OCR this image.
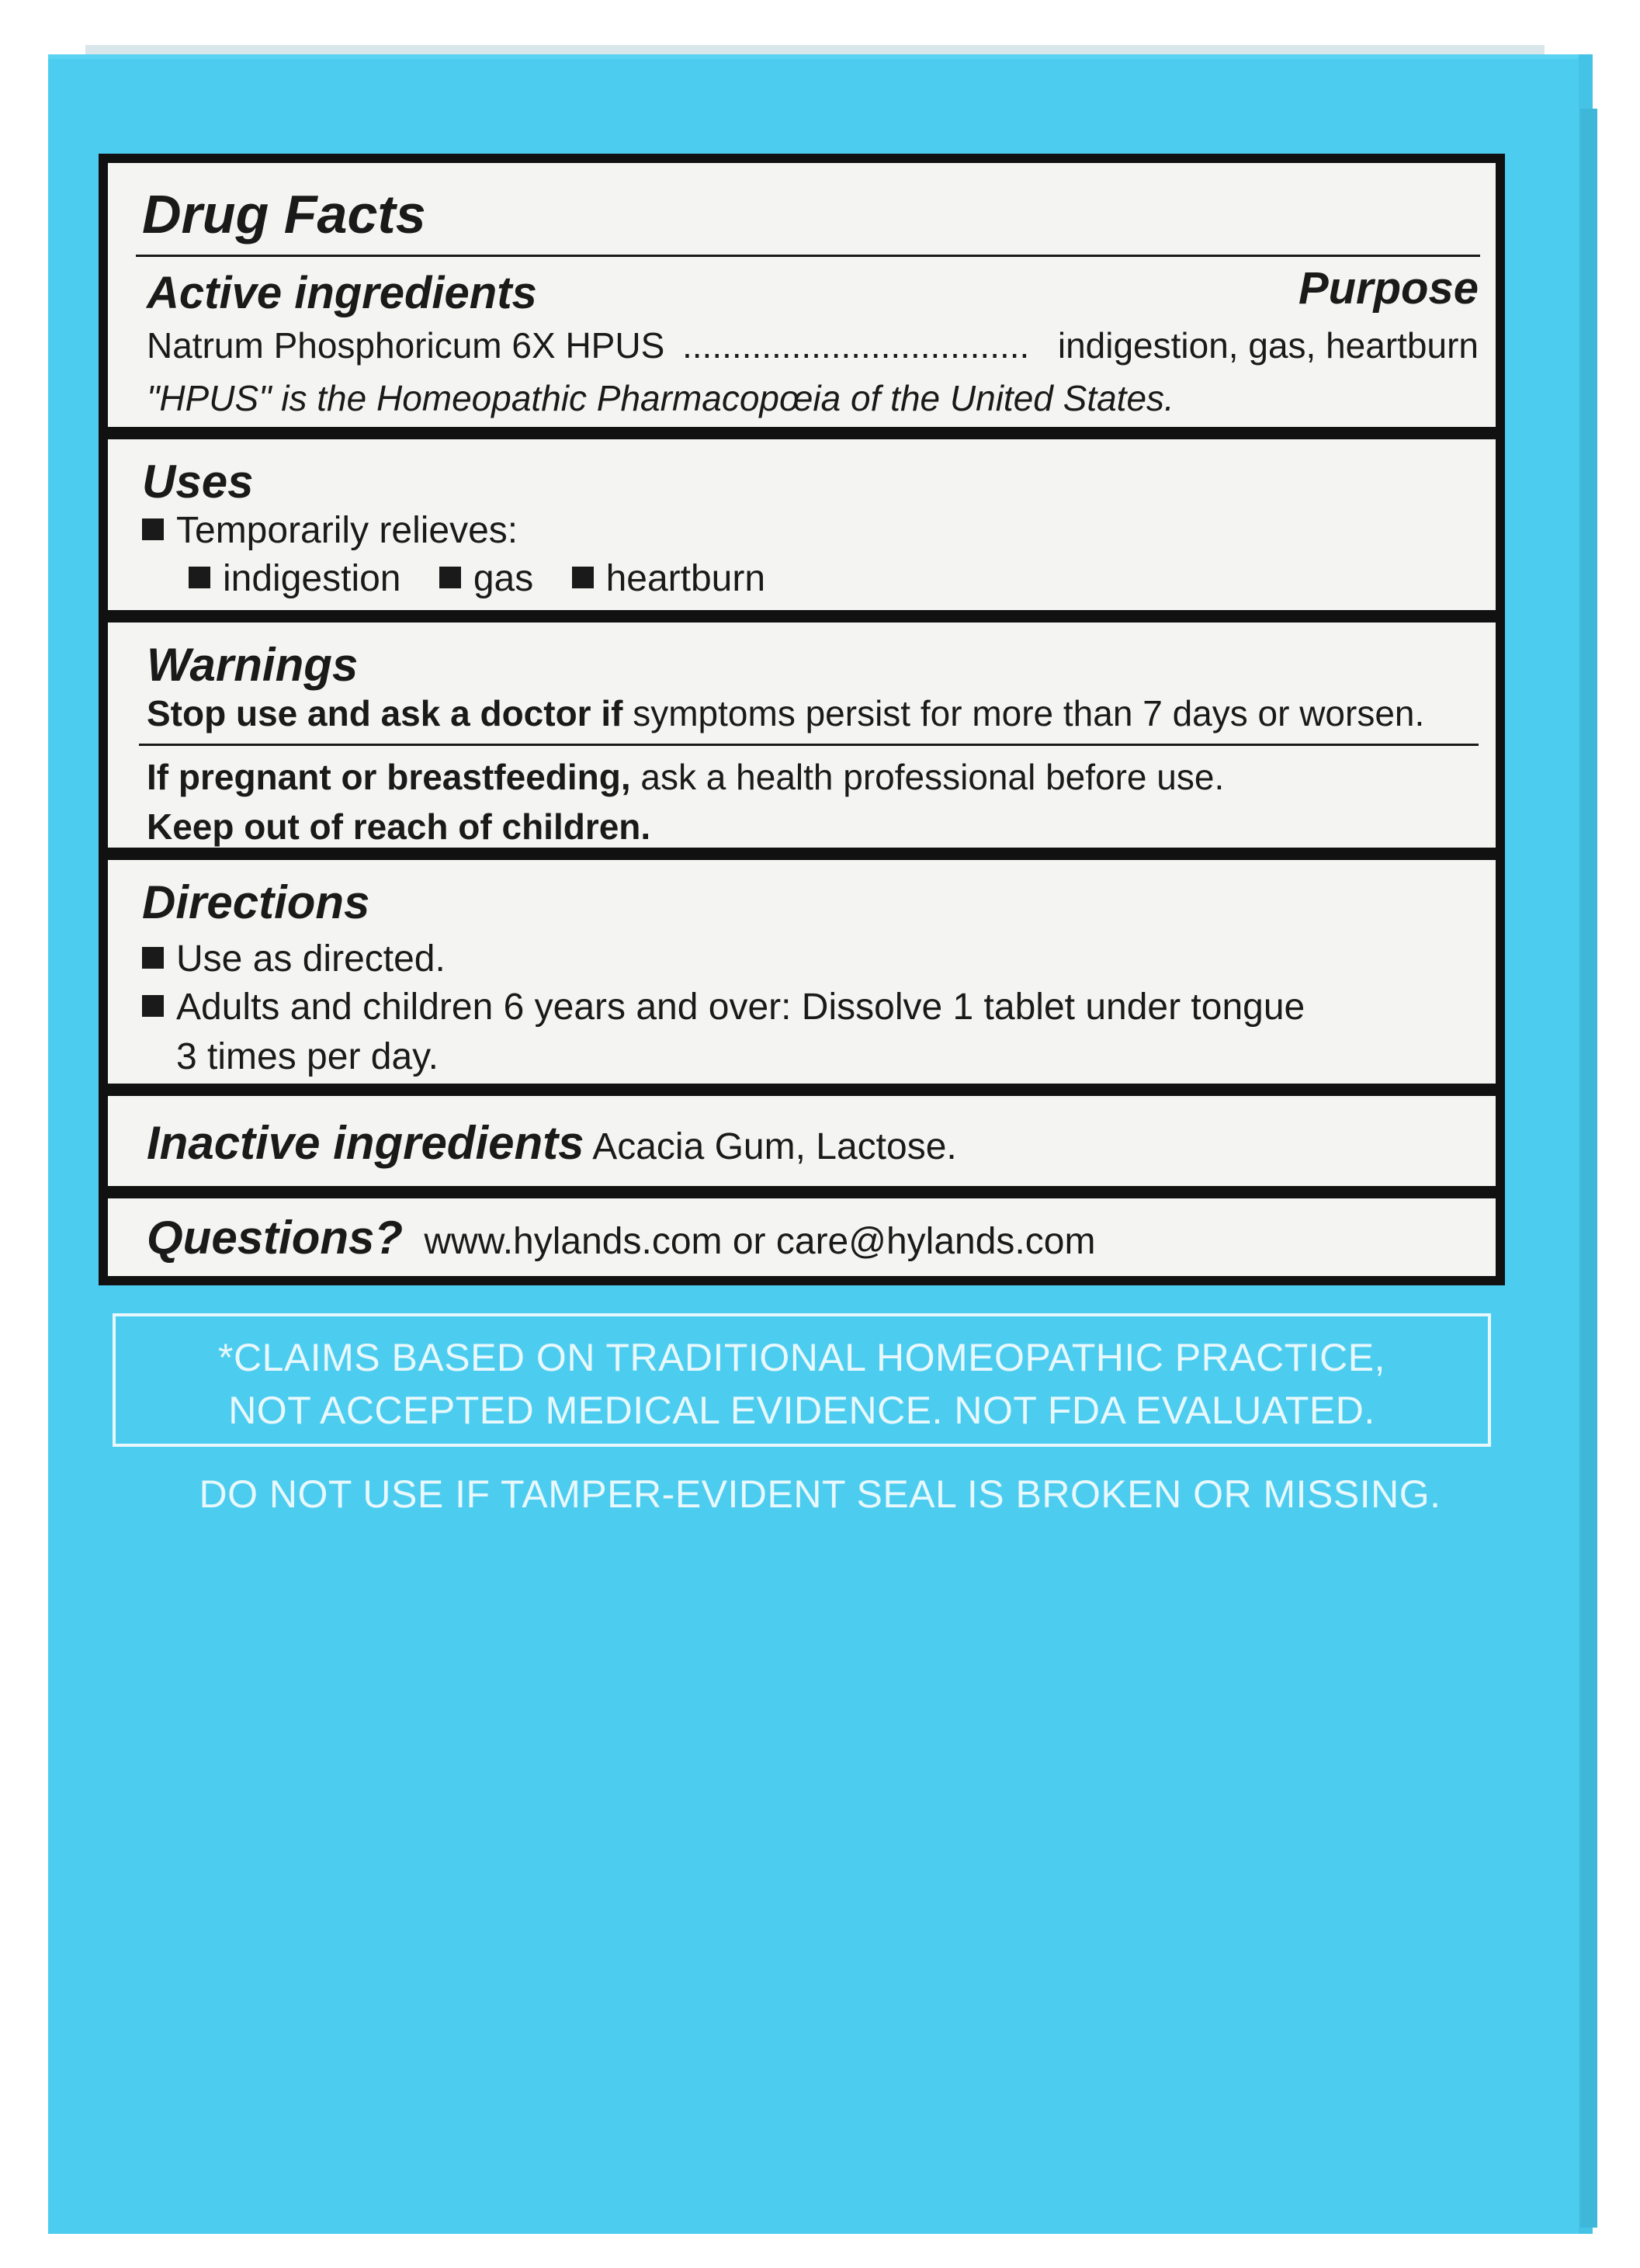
Drug Facts
Active ingredients	Purpose
Natrum Phosphoricum 6X HPUS ................................... indigestion, gas, heartburn
"HPUS" is the Homeopathic Pharmacopœia of the United States.
Uses
Temporarily relieves:
indigestion gas heartburn
Warnings
Stop use and ask a doctor if symptoms persist for more than 7 days or worsen.
If pregnant or breastfeeding, ask a health professional before use.
Keep out of reach of children.
Directions
Use as directed.
Adults and children 6 years and over: Dissolve 1 tablet under tongue
3 times per day.
Inactive ingredients Acacia Gum, Lactose.
Questions? www.hylands.com or care@hylands.com
*CLAIMS BASED ON TRADITIONAL HOMEOPATHIC PRACTICE,
NOT ACCEPTED MEDICAL EVIDENCE. NOT FDA EVALUATED.
DO NOT USE IF TAMPER-EVIDENT SEAL IS BROKEN OR MISSING.
